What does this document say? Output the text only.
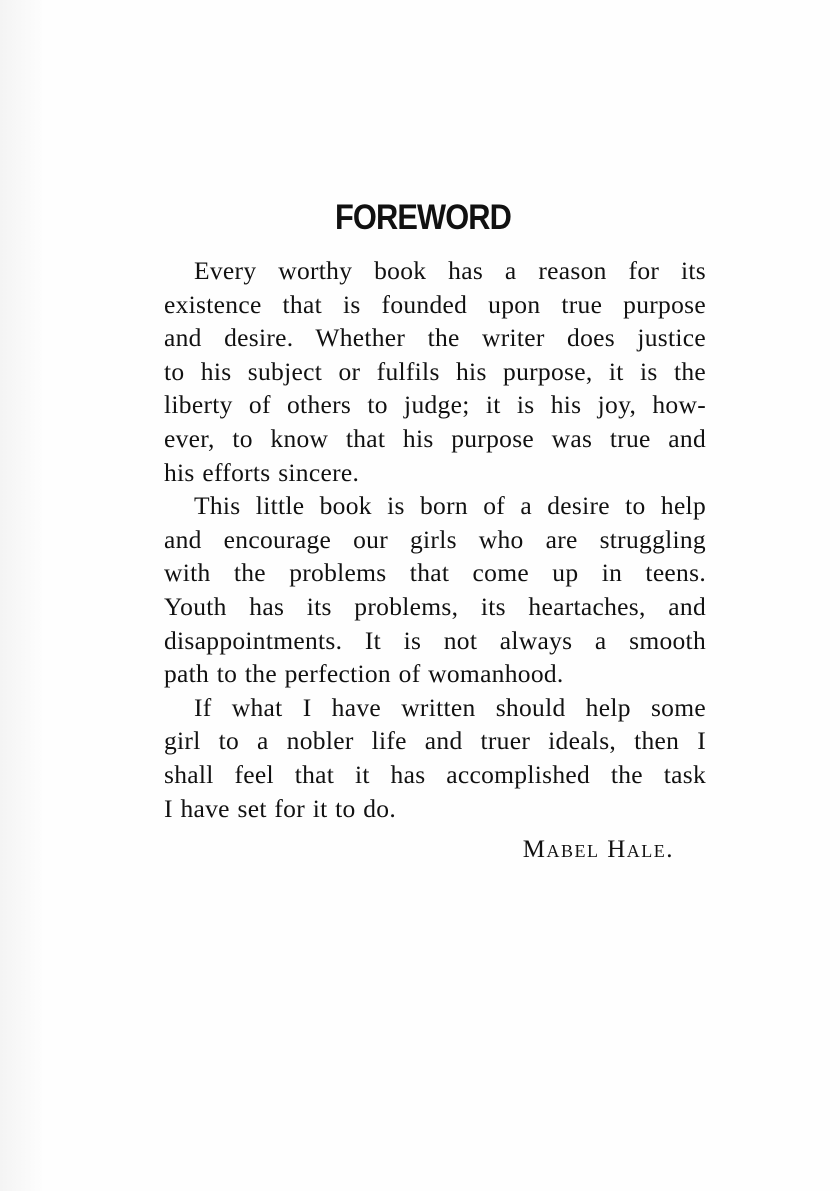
FOREWORD
Every worthy book has a reason for its
existence that is founded upon true purpose
and desire. Whether the writer does justice
to his subject or fulfils his purpose, it is the
liberty of others to judge; it is his joy, how-
ever, to know that his purpose was true and
his efforts sincere.
This little book is born of a desire to help
and encourage our girls who are struggling
with the problems that come up in teens.
Youth has its problems, its heartaches, and
disappointments. It is not always a smooth
path to the perfection of womanhood.
If what I have written should help some
girl to a nobler life and truer ideals, then I
shall feel that it has accomplished the task
I have set for it to do.
Mabel Hale.
